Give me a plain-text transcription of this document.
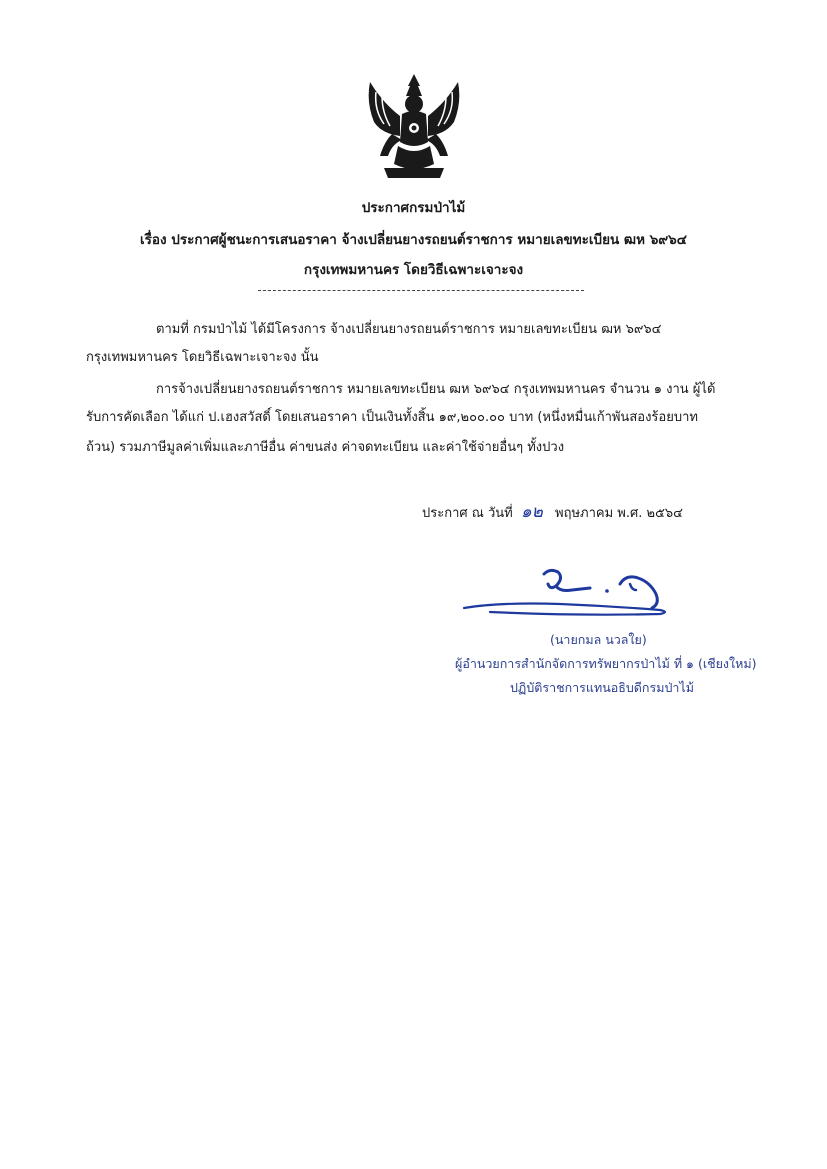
ประกาศกรมป่าไม้
เรื่อง ประกาศผู้ชนะการเสนอราคา จ้างเปลี่ยนยางรถยนต์ราชการ หมายเลขทะเบียน ฒห ๖๙๖๔
กรุงเทพมหานคร โดยวิธีเฉพาะเจาะจง
ตามที่ กรมป่าไม้ ได้มีโครงการ จ้างเปลี่ยนยางรถยนต์ราชการ หมายเลขทะเบียน ฒห ๖๙๖๔
กรุงเทพมหานคร โดยวิธีเฉพาะเจาะจง นั้น
การจ้างเปลี่ยนยางรถยนต์ราชการ หมายเลขทะเบียน ฒห ๖๙๖๔ กรุงเทพมหานคร จำนวน ๑ งาน ผู้ได้
รับการคัดเลือก ได้แก่ ป.เฮงสวัสดิ์ โดยเสนอราคา เป็นเงินทั้งสิ้น ๑๙,๒๐๐.๐๐ บาท (หนึ่งหมื่นเก้าพันสองร้อยบาท
ถ้วน) รวมภาษีมูลค่าเพิ่มและภาษีอื่น ค่าขนส่ง ค่าจดทะเบียน และค่าใช้จ่ายอื่นๆ ทั้งปวง
ประกาศ ณ วันที่ ๑๒ พฤษภาคม พ.ศ. ๒๕๖๔
(นายกมล นวลใย)
ผู้อำนวยการสำนักจัดการทรัพยากรป่าไม้ ที่ ๑ (เชียงใหม่)
ปฏิบัติราชการแทนอธิบดีกรมป่าไม้
